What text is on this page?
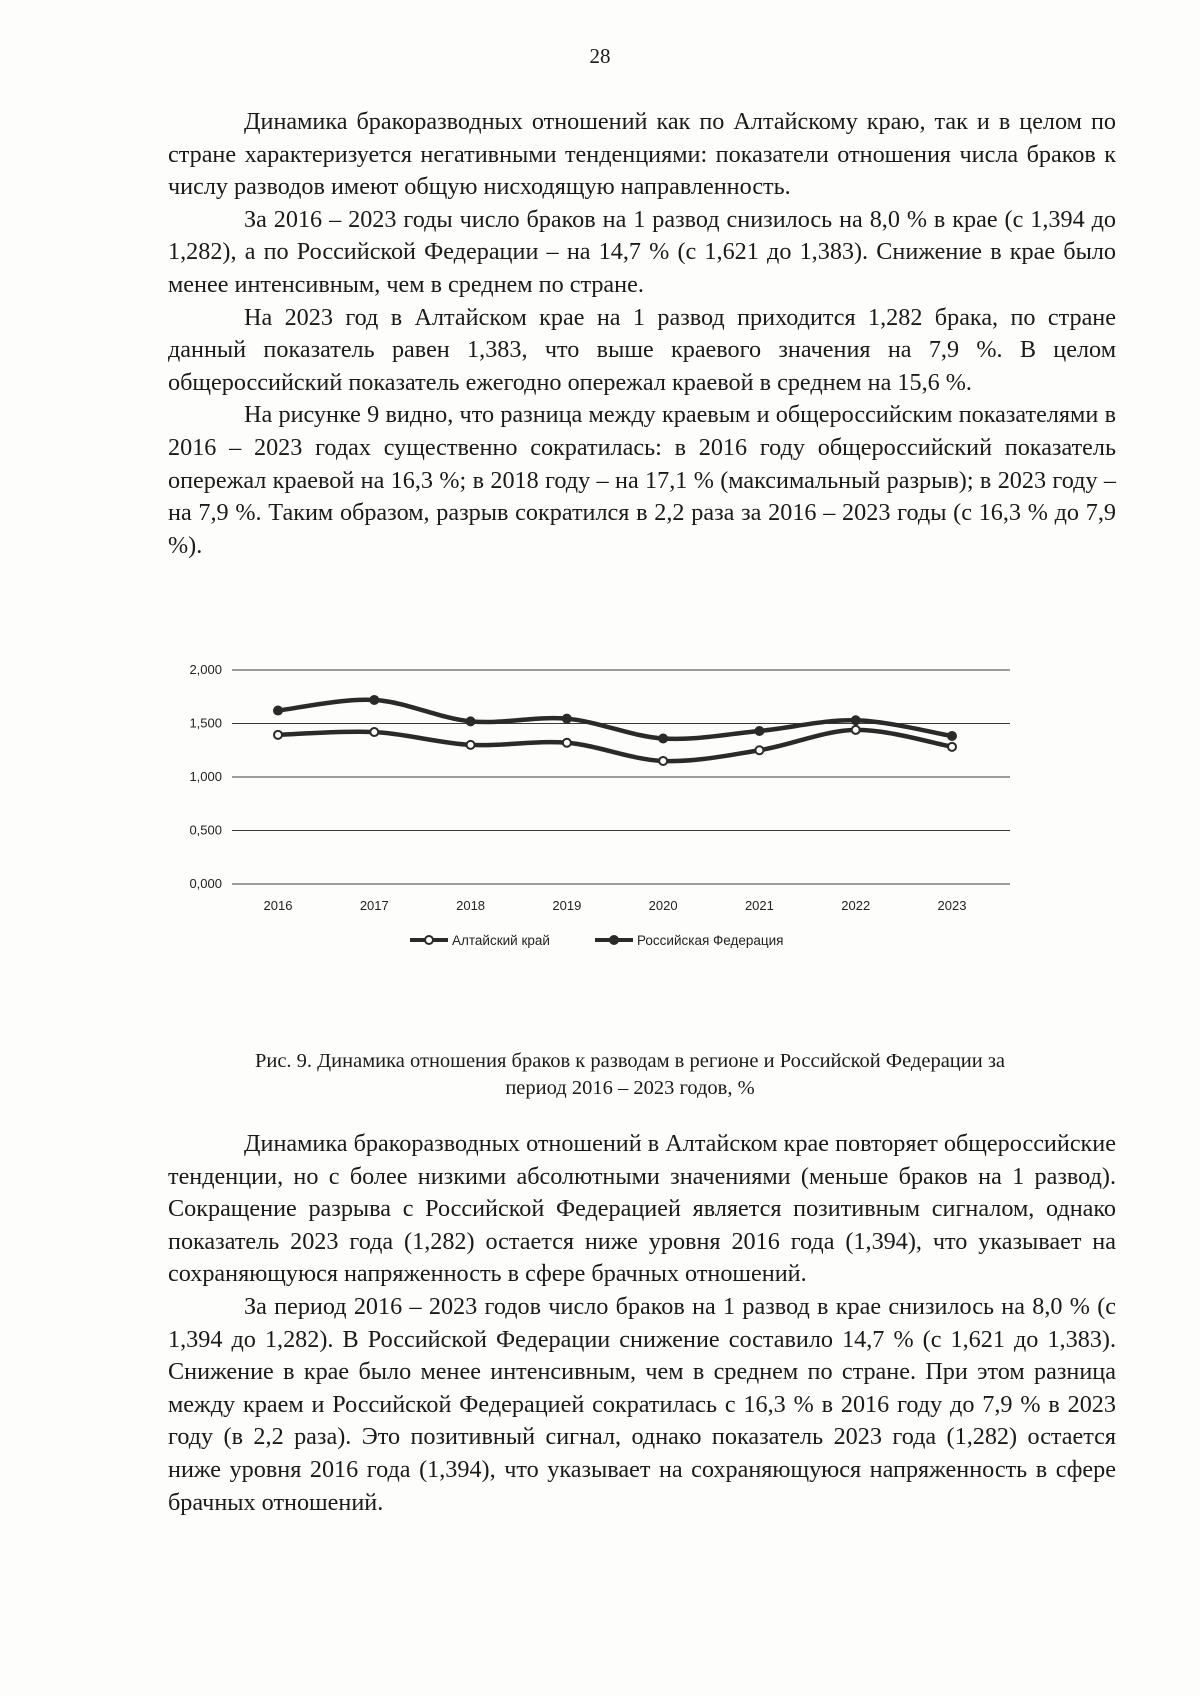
28

Динамика бракоразводных отношений как по Алтайскому краю, так и в целом по стране характеризуется негативными тенденциями: показатели отношения числа браков к числу разводов имеют общую нисходящую направленность.

За 2016 – 2023 годы число браков на 1 развод снизилось на 8,0 % в крае (с 1,394 до 1,282), а по Российской Федерации – на 14,7 % (с 1,621 до 1,383). Снижение в крае было менее интенсивным, чем в среднем по стране.

На 2023 год в Алтайском крае на 1 развод приходится 1,282 брака, по стране данный показатель равен 1,383, что выше краевого значения на 7,9 %. В целом общероссийский показатель ежегодно опережал краевой в среднем на 15,6 %.

На рисунке 9 видно, что разница между краевым и общероссийским показателями в 2016 – 2023 годах существенно сократилась: в 2016 году общероссийский показатель опережал краевой на 16,3 %; в 2018 году – на 17,1 % (максимальный разрыв); в 2023 году – на 7,9 %. Таким образом, разрыв сократился в 2,2 раза за 2016 – 2023 годы (с 16,3 % до 7,9 %).

0,000
0,500
1,000
1,500
2,000
2016	2017	2018	2019	2020	2021	2022	2023
Алтайский край	Российская Федерация
Рис. 9. Динамика отношения браков к разводам в регионе и Российской Федерации за период 2016 – 2023 годов, %

Динамика бракоразводных отношений в Алтайском крае повторяет общероссийские тенденции, но с более низкими абсолютными значениями (меньше браков на 1 развод). Сокращение разрыва с Российской Федерацией является позитивным сигналом, однако показатель 2023 года (1,282) остается ниже уровня 2016 года (1,394), что указывает на сохраняющуюся напряженность в сфере брачных отношений.

За период 2016 – 2023 годов число браков на 1 развод в крае снизилось на 8,0 % (с 1,394 до 1,282). В Российской Федерации снижение составило 14,7 % (с 1,621 до 1,383). Снижение в крае было менее интенсивным, чем в среднем по стране. При этом разница между краем и Российской Федерацией сократилась с 16,3 % в 2016 году до 7,9 % в 2023 году (в 2,2 раза). Это позитивный сигнал, однако показатель 2023 года (1,282) остается ниже уровня 2016 года (1,394), что указывает на сохраняющуюся напряженность в сфере брачных отношений.
